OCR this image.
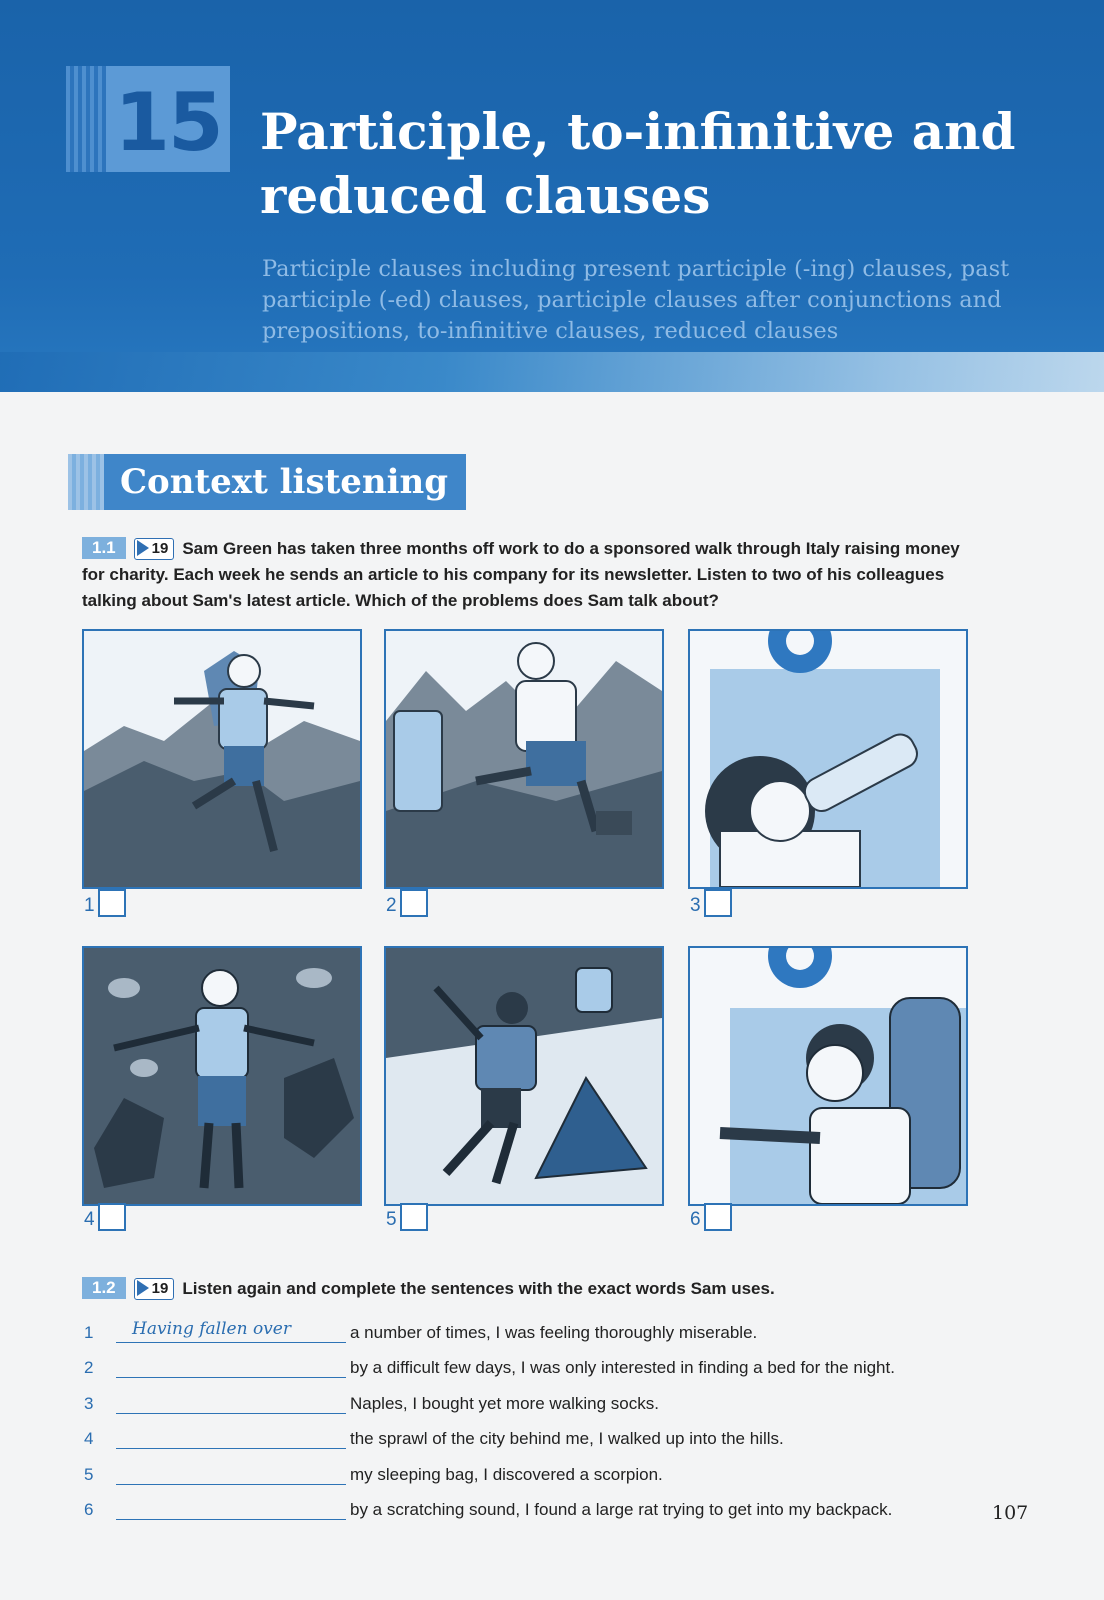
15 Participle, to-infinitive and reduced clauses
Participle clauses including present participle (-ing) clauses, past participle (-ed) clauses, participle clauses after conjunctions and prepositions, to-infinitive clauses, reduced clauses
Context listening
1.1 19 Sam Green has taken three months off work to do a sponsored walk through Italy raising money for charity. Each week he sends an article to his company for its newsletter. Listen to two of his colleagues talking about Sam's latest article. Which of the problems does Sam talk about?
1	2	3
4	5	6
1.2 19 Listen again and complete the sentences with the exact words Sam uses.
1 Having fallen over	a number of times, I was feeling thoroughly miserable.
2	by a difficult few days, I was only interested in finding a bed for the night.
3	Naples, I bought yet more walking socks.
4	the sprawl of the city behind me, I walked up into the hills.
5	my sleeping bag, I discovered a scorpion.
6	by a scratching sound, I found a large rat trying to get into my backpack.	107
